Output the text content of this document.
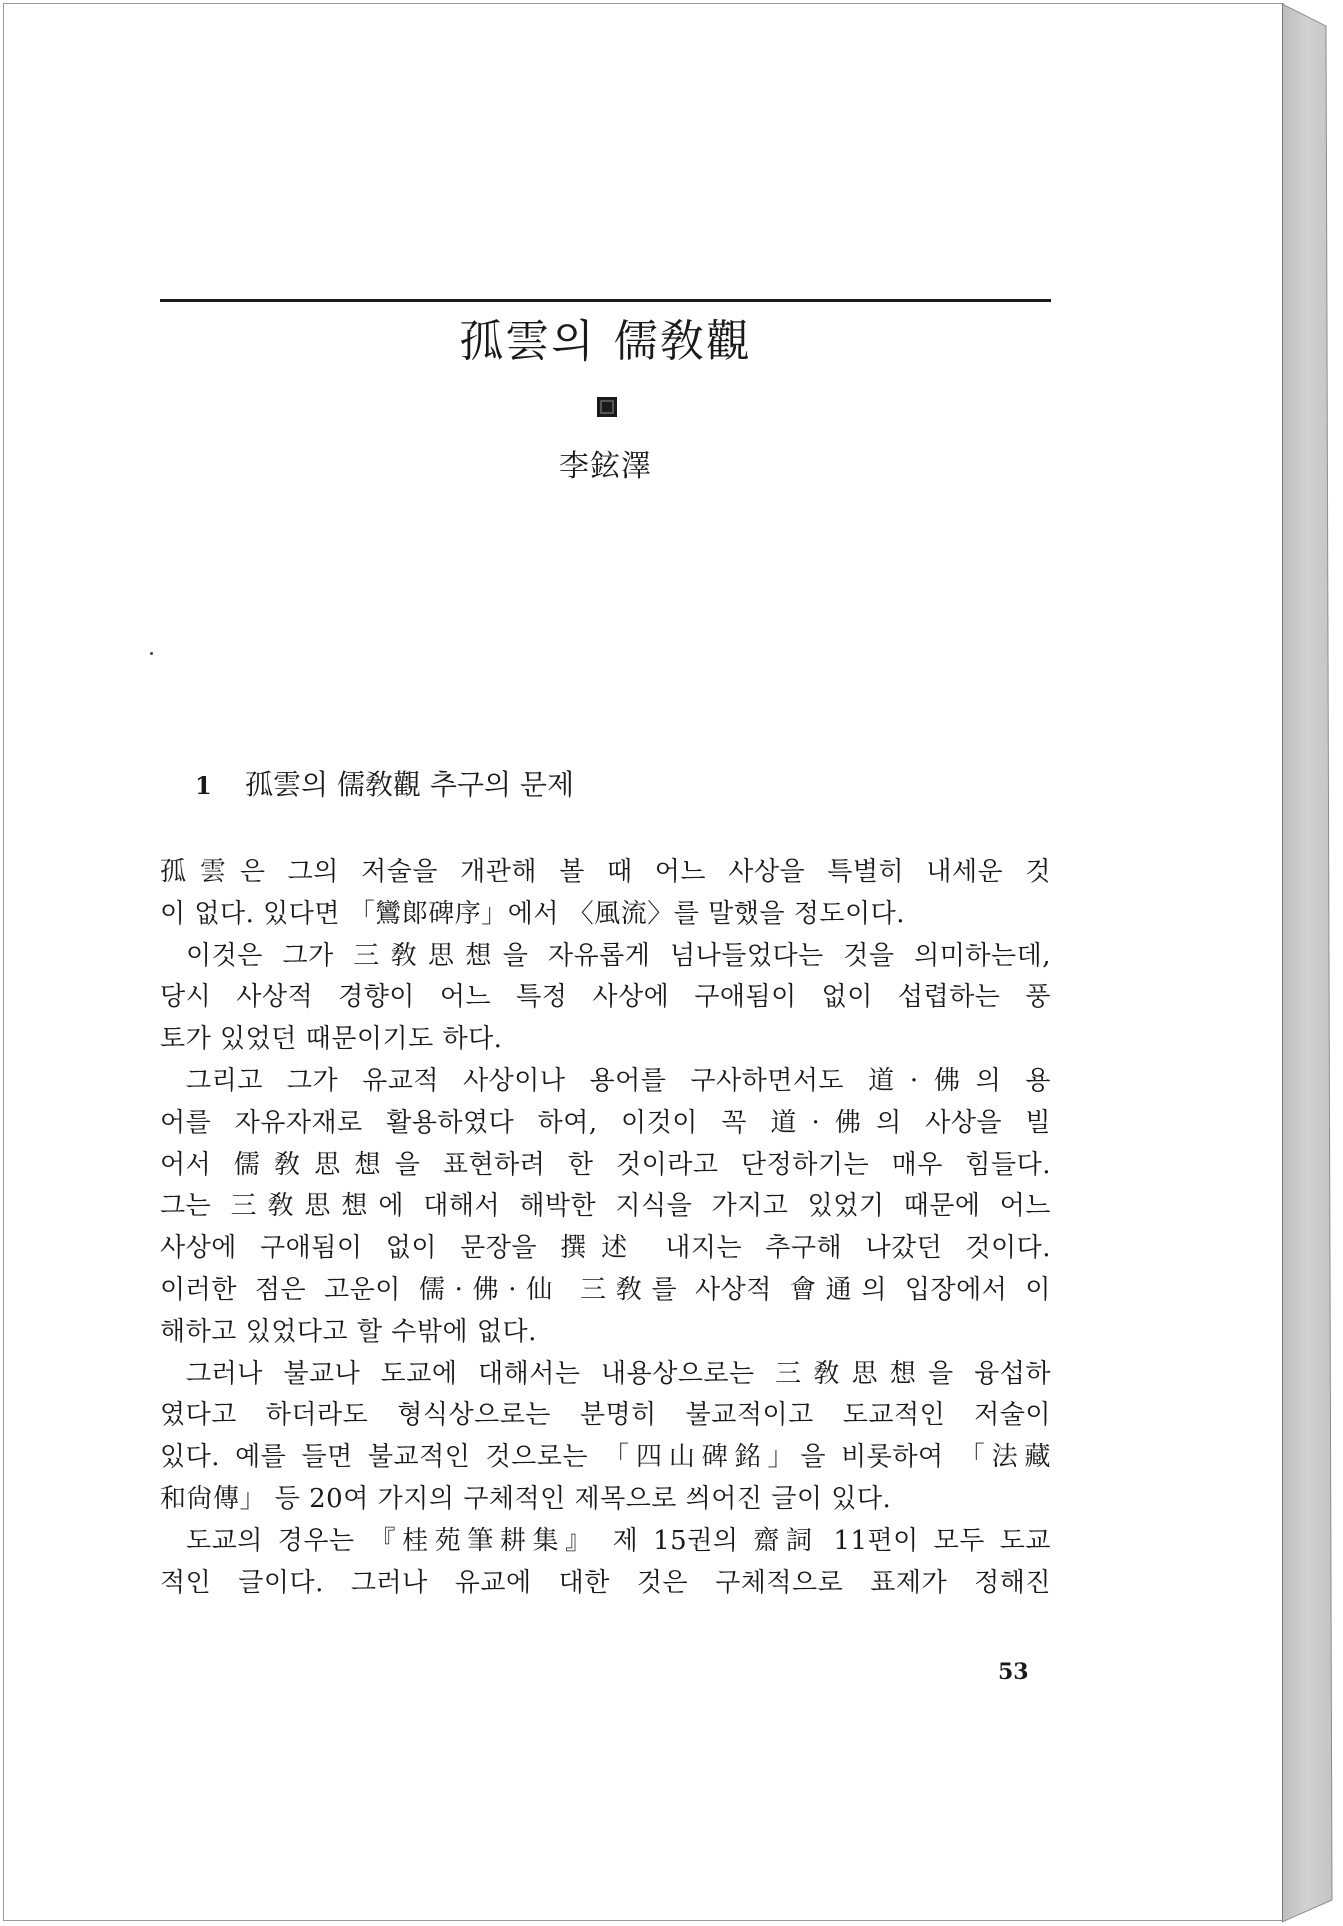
孤雲의 儒敎觀

李鉉澤

1 孤雲의 儒敎觀 추구의 문제
孤雲은 그의 저술을 개관해 볼 때 어느 사상을 특별히 내세운 것
이 없다. 있다면 「鸞郞碑序」에서 〈風流〉를 말했을 정도이다.
이것은 그가 三敎思想을 자유롭게 넘나들었다는 것을 의미하는데,
당시 사상적 경향이 어느 특정 사상에 구애됨이 없이 섭렵하는 풍
토가 있었던 때문이기도 하다.
그리고 그가 유교적 사상이나 용어를 구사하면서도 道·佛의 용
어를 자유자재로 활용하였다 하여, 이것이 꼭 道·佛의 사상을 빌
어서 儒敎思想을 표현하려 한 것이라고 단정하기는 매우 힘들다.
그는 三敎思想에 대해서 해박한 지식을 가지고 있었기 때문에 어느
사상에 구애됨이 없이 문장을 撰述 내지는 추구해 나갔던 것이다.
이러한 점은 고운이 儒·佛·仙 三敎를 사상적 會通의 입장에서 이
해하고 있었다고 할 수밖에 없다.
그러나 불교나 도교에 대해서는 내용상으로는 三敎思想을 융섭하
였다고 하더라도 형식상으로는 분명히 불교적이고 도교적인 저술이
있다. 예를 들면 불교적인 것으로는 「四山碑銘」을 비롯하여 「法藏
和尙傳」 등 20여 가지의 구체적인 제목으로 씌어진 글이 있다.
도교의 경우는 『桂苑筆耕集』 제 15권의 齋詞 11편이 모두 도교
적인 글이다. 그러나 유교에 대한 것은 구체적으로 표제가 정해진
53
